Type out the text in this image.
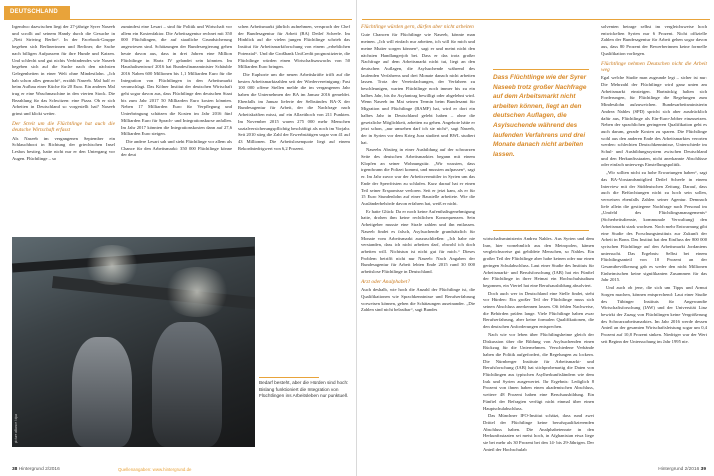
DEUTSCHLAND

Irgendwo dazwischen liegt der 27-jährige Syrer Naseeb und scrollt auf seinem Handy durch die Gesuche in „Nett Striving Berlin“. In der Facebook-Gruppe begeben sich Berlinerinnen und Berliner, die Sache nach billigen Aufpassern für ihre Hunde und Katzen. Und schlecht und gut nichts Verbindendes wie Naseeb begeben sich auf die Suche nach den nächsten Gelegenheiten in einer Welt ohne Mindestlohn. „Ich hab schon alles gemacht“, erzählt Naseeb. Mal half er beim Aufbau einer Küche für 20 Euro. Ein anderes Mal trug er eine Waschmaschine in den vierten Stock. Die Bezahlung für das Schwitzen: eine Pizza. Ob er sich Arbeiten in Deutschland so vorgestellt hat? Naseeb grinst und klickt weiter.

Der Streit um die Flüchtlinge hat auch die deutsche Wirtschaft erfasst

Als Naseeb im vergangenen September ein Schlauchboot in Richtung der griechischen Insel Lesbos bestieg, hatte nicht nur er den Untergang vor Augen. Flüchtlinge – so

zumindest eine Lesart – sind für Politik und Wirtschaft vor allem ein Kostenfaktor. Die Arbeitsagentur rechnet mit 350 000 Flüchtlingen, die auf staatliche Grundsicherung angewiesen sind. Schätzungen der Bundesregierung gehen heute davon aus, dass in drei Jahren eine Million Flüchtlinge in Hartz IV gelandet sein könnten. Im Haushaltsentwurf 2016 hat Bundesfinanzminister Schäuble 2016 Naben 600 Millionen bis 1,1 Milliarden Euro für die Integration von Flüchtlingen in den Arbeitsmarkt veranschlagt. Das Kölner Institut der deutschen Wirtschaft geht sogar davon aus, dass Flüchtlinge den deutschen Staat bis zum Jahr 2017 50 Milliarden Euro kosten könnten. Neben 17 Milliarden Euro für Verpflegung und Unterbringung schätzen die Kosten im Jahr 2016 fünf Milliarden Euro für Sprach- und Integrationskurse anfallen. Im Jahr 2017 könnten die Integrationskosten dann auf 27,6 Milliarden Euro steigen.

Die andere Lesart sah und sieht Flüchtlinge vor allem als Chance für den Arbeitsmarkt: 350 000 Flüchtlinge könne der deut

schen Arbeitsmarkt jährlich aufnehmen, versprach der Chef der Bundesagentur für Arbeit (BA) Detlef Scheele. Im Hinblick auf die vielen jungen Flüchtlinge schrieb das Institut für Arbeitsmarktforschung von einem „erheblichen Potenzial“. Und die Großbank UniCredit prognostizierte, die Flüchtlinge würden einen Wirtschaftszuwachs von 50 Milliarden Euro bringen.

Die Euphorie um die neuen Arbeitskräfte trifft auf die besten Arbeitsmarktzahlen seit der Wiedervereinigung: Fast 100 000 offene Stellen melde die im vergangenen Jahr haben die Unternehmen der BA im Januar 2016 gemeldet. Ebenfalls im Januar lieferte der Selbstindex BA-X der Bundesagentur für Arbeit, der die Nachfrage nach Arbeitskräften misst, auf ein Allzeithoch von 211 Punkten. Im November 2015 waren 275 000 mehr Menschen sozialversicherungspflichtig beschäftigt als noch im Vorjahr. Seit 2010 stieg die Zahl der Erwerbstätigen sogar von 41 auf 43 Millionen. Die Arbeitslosenquote liegt auf einem Rekordniedrigwert von 6,2 Prozent.

picture alliance / dpa
Bedarf besteht, aber die Hürden sind hoch: Bislang funktioniert die Integration von Flüchtlingen ins Arbeitsleben nur punktuell.
38 Hintergrund 2/2016	Quellenangaben: www.hintergrund.de
Flüchtlinge würden gern, dürfen aber nicht arbeiten

Gute Chancen für Flüchtlinge wie Naseeb, könnte man meinen. „Ich will einfach nur arbeiten, ich will für mich und meine Mutter sorgen können“, sagt er und meint nicht den nächsten Handlangerjob bei. Dass er das trotz großer Nachfrage auf dem Arbeitsmarkt nicht tut, liegt an den deutschen Auflagen, die Asylsuchende während des laufenden Verfahrens und drei Monate danach nicht arbeiten lassen. Trotz der Vereinfachungen, der Verfahren zu beschleunigen, warten Flüchtlinge noch immer bis zu ein halbes Jahr, bis ihr Asylantrag bewilligt oder abgelehnt wird. Wenn Naseeb im Mai seinen Termin beim Bundesamt für Migration und Flüchtlinge (BAMF) hat, wird er dort ein halbes Jahr in Deutschland gelebt haben – ohne die gesetzliche Möglichkeit, arbeiten zu gehen. Angebote hätte er jetzt schon, „nur umsehen darf ich sie nicht“, sagt Naseeb, der in Syrien vor dem Krieg Jura studiert und BWL studiert hat.

Naseebs Abstieg in einer Ausbildung auf der schwarzen Seite des deutschen Arbeitsmarktes begann mit einem Klopfen an seiner Wohnungstür. „Wir wussten, dass irgendwann die Polizei kommt, und mussten aufpassen“, sagt er. Im Jahr zuvor war der Arbeitsvermittler in Syrien um das Ende der Sperrfristen zu schlafen. Kurz darauf hat er einen Teil seiner Ersparnisse verloren. Seit er jetzt kam, als er für 15 Euro Stundenlohn auf einer Baustelle arbeitete. Wie die Ausländerbehörde davon erfahren hat, weiß er nicht.

Er hatte Glück: Da er noch keine Aufenthaltsgenehmigung hatte, drohen ihm keine rechtlichen Konsequenzen. Sein Arbeitgeber musste eine Strafe zahlen und ihn entlassen. Naseeb findet es falsch, Asylsuchende grundsätzlich für Monate vom Arbeitsmarkt auszuschließen: „Ich habe nie verstanden, dass ich nicht arbeiten darf, obwohl ich doch arbeiten will. Nichtstun ist nicht gut für mich.“ Dieses Problem betrifft nicht nur Naseeb: Nach Angaben der Bundesagentur für Arbeit lebten Ende 2015 rund 30 000 arbeitslose Flüchtlinge in Deutschland.

Arzt oder Analphabet?

Auch deshalb, wie hoch die Anzahl der Flüchtlinge ist, die Qualifikationen wie Sprachkenntnisse und Berufserfahrung vorweisen können, gehen die Schätzungen auseinander. „Die Zahlen sind nicht belastbar“, sagt Bundes

Dass Flüchtlinge wie der Syrer Naseeb trotz großer Nachfrage auf dem Arbeitsmarkt nicht arbeiten können, liegt an den deutschen Auflagen, die Asylsuchende während des laufenden Verfahrens und drei Monate danach nicht arbeiten lassen.

wirtschaftsministerin Andrea Nahles. Aus Syrien und dem Iran, hier vornehmlich aus den Metropolen, kämen vergleichsweise gut gebildete Menschen, so Nahles. Ein großer Teil der Flüchtlinge aber habe keinen oder nur einen geringen Schulabschluss. Laut einer Studie des Instituts für Arbeitsmarkt- und Berufsforschung (IAB) hat ein Fünftel der Flüchtlinge in ihrer Heimat ein Hochschulstudium begonnen, ein Viertel hat eine Berufsausbildung absolviert.

Doch auch wer in Deutschland eine Stelle findet, steht vor Hürden: Ein großer Teil der Flüchtlinge muss sich seinen Abschluss anerkennen lassen. Oft fehlen Nachweise, die Behörden prüfen lange. Viele Flüchtlinge haben zwar Berufserfahrung, aber keine formalen Qualifikationen, die den deutschen Anforderungen entsprechen.

Nach wie vor leben über Flüchtlingsheime gleich der Diskussion über die Bildung von Asylsuchenden einen Rückzug für die Unternehmen. Verschiedene Verbände haben die Politik aufgefordert, die Regelungen zu lockern. Die Nürnberger Institute für Arbeitsmarkt- und Berufsforschung (IAB) hat stichprobenartig die Daten von Flüchtlingen aus typischen Asylherkunftsländern wie dem Irak und Syrien ausgewertet. Ihr Ergebnis: Lediglich 8 Prozent von ihnen haben einen akademischen Abschluss, weitere 48 Prozent haben eine Berufsausbildung. Ein Fünftel der Befragten verfügt nicht einmal über einen Hauptschulabschluss.

Das Münchner IFO-Institut schätzt, dass rund zwei Drittel der Flüchtlinge keine berufsqualifizierenden Abschluss haben. Die Analphabetenrate in den Herkunftsstaaten sei meist hoch, in Afghanistan etwa liege sie bei mehr als 30 Prozent bei den 14- bis 29-Jährigen. Der Anteil der Hochschulab

solventen betrage selbst im vergleichsweise hoch entwickelten Syrien nur 6 Prozent. Nicht offizielle Zahlen der Bundesagentur für Arbeit gehen sogar davon aus, dass 80 Prozent der Bewerberinnen keine formelle Qualifikation vorliegen.

Flüchtlinge nehmen Deutschen nicht die Arbeit weg

Egal welche Studie man zugrunde legt – sicher ist nur: Die Mehrzahl der Flüchtlinge wird ganz unten am Arbeitsmarkt einsteigen. Hartnäckig halten sich Forderungen, für Flüchtlinge die Regelungen zum Mindestlohn aufzuweichen. Bundesarbeitsministerin Andrea Nahles (SPD) spricht sich aber ausdrücklich dafür aus, Flüchtlinge als Ein-Euro-Jobber einzusetzen. Neben der sprachlichen geringeren Qualifikation geht es auch darum, gerade Kosten zu sparen. Die Flüchtlinge wohl aus den anderen Ende des Arbeitsmarktes verorten werden: schlechten Deutschkenntnisse, Unterschiede im Schul- und Ausbildungssystem zwischen Deutschland und den Herkunftsstaaten, nicht anerkannte Abschlüsse oder einfach unterwegs Einstellungspolitik.

„Wir sollten nicht zu hohe Erwartungen haben“, sagt das BA-Vorstandsmitglied Detlef Scheele in einem Interview mit der Süddeutschen Zeitung. Darauf, dass auch die Befürchtungen nicht zu hoch sein sollen, verweisen ebenfalls Zahlen seiner Agentur. Demnach liefe allein die gestiegene Nachfrage nach Personal im „Umfeld des Flüchtlingsmanagements“ (Sicherheitsdienste, kommunale Verwaltung) den Arbeitsmarkt stark wachsen. Noch mehr Entwarnung gibt eine Studie des Forschungsinstituts zur Zukunft der Arbeit in Bonn. Das Institut hat den Einfluss der 800 000 syrischen Flüchtlinge auf den Arbeitsmarkt Jordaniens untersucht. Das Ergebnis: Selbst bei einem Flüchtlingsanteil von 10 Prozent an der Gesamtbevölkerung gab es weder den nicht Millionen Einheimischen keine signifikanten Zusammen für das Jahr 2015.

Und auch ob jene, die sich um Tipps und Armut Sorgen machen, können entsprechend: Laut einer Studie des Tübinger Instituts für Angewandte Wirtschaftsforschung (IAW) und der Universität Linz bewirkt der Zuzug von Flüchtlingen keine Vergrößerung des Schwarzarbeitsmarktes. Im Jahr 2016 werde dessen Anteil an der gesamten Wirtschaftsleistung sogar um 0,4 Prozent auf 10,8 Prozent sinken. Niedriger war der Wert seit Beginn der Untersuchung im Jahr 1995 nie.

Hintergrund 2/2016 39
